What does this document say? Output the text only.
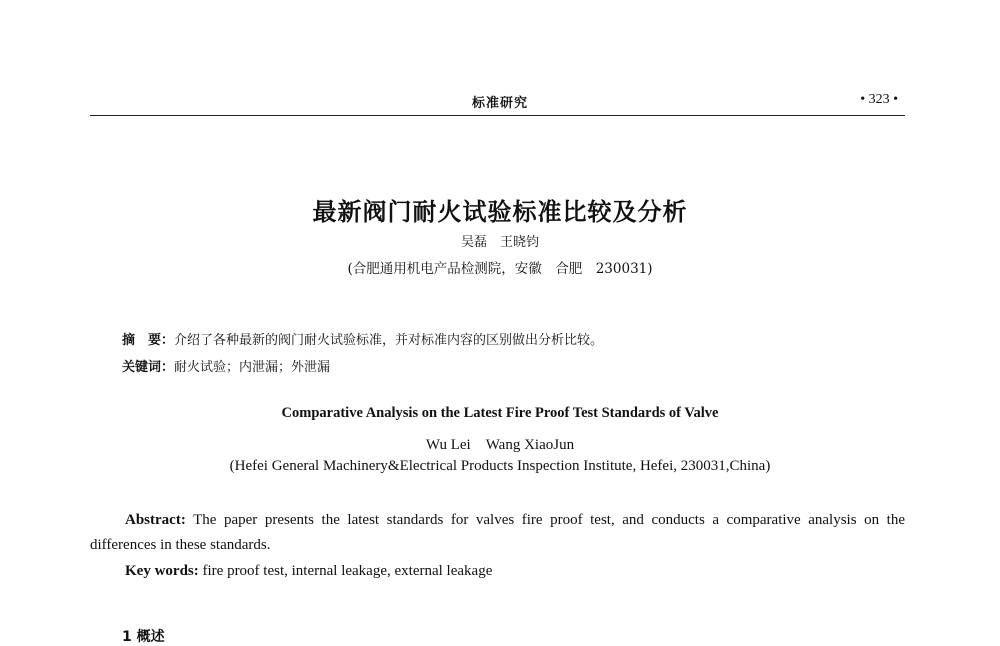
标准研究	• 323 •
最新阀门耐火试验标准比较及分析
吴磊　王晓钧
(合肥通用机电产品检测院，安徽　合肥　230031)
摘　要：介绍了各种最新的阀门耐火试验标准，并对标准内容的区别做出分析比较。
关键词：耐火试验；内泄漏；外泄漏
Comparative Analysis on the Latest Fire Proof Test Standards of Valve
Wu Lei　Wang XiaoJun
(Hefei General Machinery&Electrical Products Inspection Institute, Hefei, 230031,China)
Abstract: The paper presents the latest standards for valves fire proof test, and conducts a comparative analysis on the differences in these standards.
Key words: fire proof test, internal leakage, external leakage
1 概述
